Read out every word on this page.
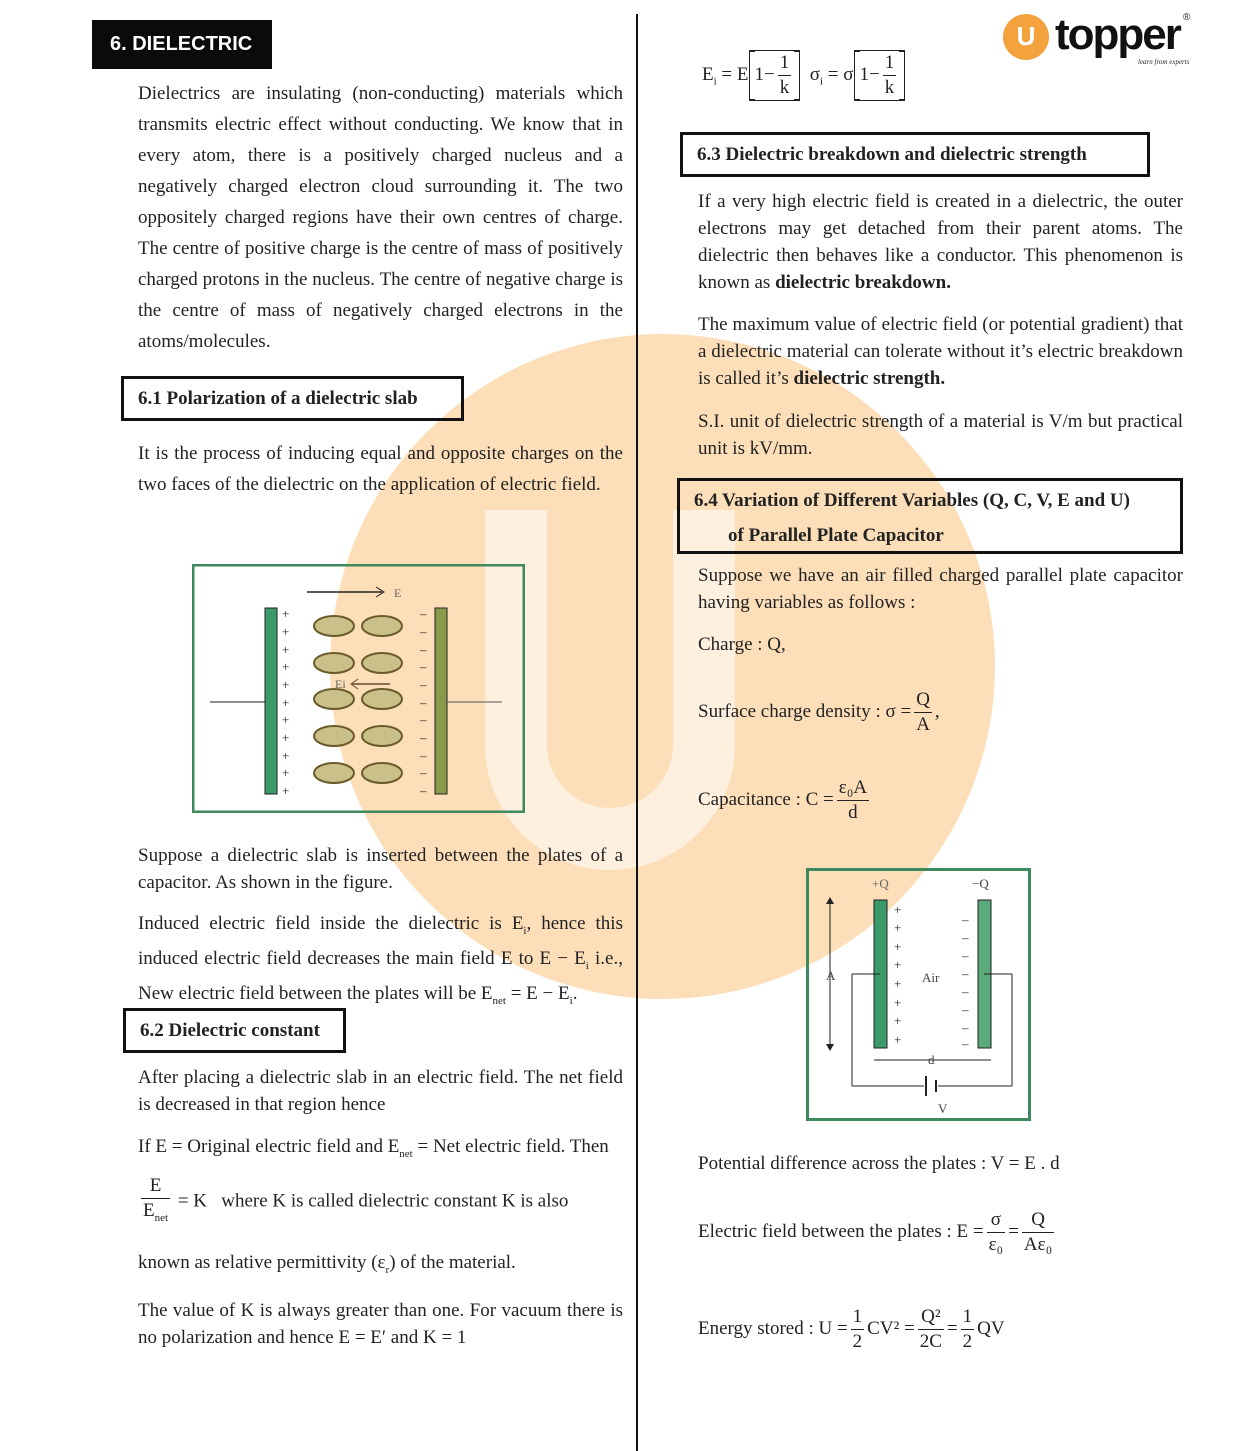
U topper ®
learn from experts
6. DIELECTRIC
Dielectrics are insulating (non-conducting) materials which transmits electric effect without conducting. We know that in every atom, there is a positively charged nucleus and a negatively charged electron cloud surrounding it. The two oppositely charged regions have their own centres of charge. The centre of positive charge is the centre of mass of positively charged protons in the nucleus. The centre of negative charge is the centre of mass of negatively charged electrons in the atoms/molecules.
6.1 Polarization of a dielectric slab
It is the process of inducing equal and opposite charges on the two faces of the dielectric on the application of electric field.
+
+
+
+
+
+
+
+
+
+
+
–
–
–
–
–
–
–
–
–
–
–
E
Ei
Suppose a dielectric slab is inserted between the plates of a capacitor. As shown in the figure.
Induced electric field inside the dielectric is $E_i$, hence this induced electric field decreases the main field E to $E - E_i$ i.e., New electric field between the plates will be $E_{net} = E - E_i$.
6.2 Dielectric constant
After placing a dielectric slab in an electric field. The net field is decreased in that region hence
If E = Original electric field and $E_{net}$ = Net electric field. Then
$\frac{E}{E_{net}} = K$ where K is called dielectric constant K is also
known as relative permittivity $(\varepsilon_r)$ of the material.
The value of K is always greater than one. For vacuum there is no polarization and hence E = E′ and K = 1
$E_i = E$ $1- \frac{1}{k} \sigma_i = \sigma$ $1- \frac{1}{k}$
6.3 Dielectric breakdown and dielectric strength
If a very high electric field is created in a dielectric, the outer electrons may get detached from their parent atoms. The dielectric then behaves like a conductor. This phenomenon is known as dielectric breakdown.
The maximum value of electric field (or potential gradient) that a dielectric material can tolerate without it’s electric breakdown is called it’s dielectric strength.
S.I. unit of dielectric strength of a material is V/m but practical unit is kV/mm.
6.4 Variation of Different Variables (Q, C, V, E and U)
of Parallel Plate Capacitor
Suppose we have an air filled charged parallel plate capacitor having variables as follows :
Charge : Q,
Surface charge density : $\sigma = \frac{Q}{A}$ ,
Capacitance : $C = \frac{\text{ε₀A}}{d}$
+
+
+
+
+
+
+
+
–
–
–
–
–
–
–
–
+Q	−Q
A	Air
d
V
Potential difference across the plates : V = E . d
Electric field between the plates : $E = \frac{\sigma}{\text{ε₀}} = \frac{Q}{\text{Aε₀}}$
Energy stored : $U = \frac{1}{2} CV^2 = \frac{\text{Q²}}{2C} = \frac{1}{2}$ QV
